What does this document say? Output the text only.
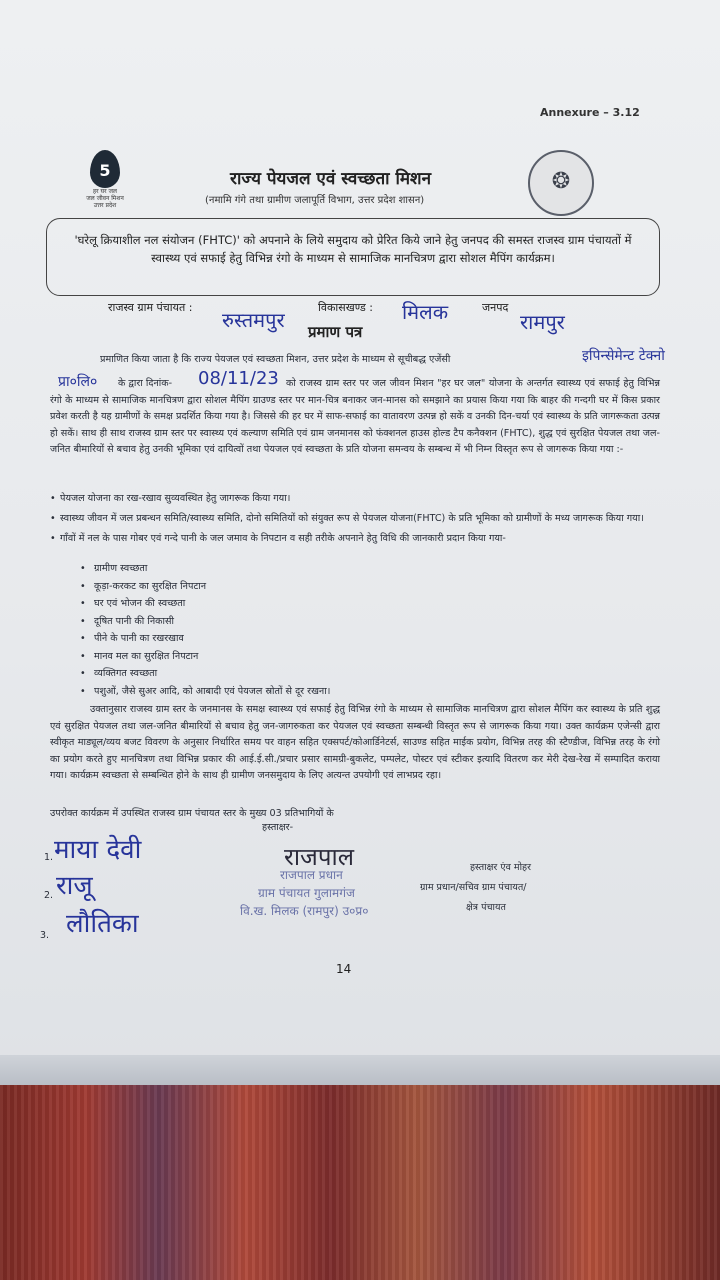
Annexure – 3.12
5
हर घर जल
जल जीवन मिशन
उत्तर प्रदेश
❂
राज्य पेयजल एवं स्वच्छता मिशन
(नमामि गंगे तथा ग्रामीण जलापूर्ति विभाग, उत्तर प्रदेश शासन)

'घरेलू क्रियाशील नल संयोजन (FHTC)' को अपनाने के लिये समुदाय को प्रेरित किये जाने हेतु जनपद की समस्त राजस्व ग्राम पंचायतों में स्वास्थ्य एवं सफाई हेतु विभिन्न रंगो के माध्यम से सामाजिक मानचित्रण द्वारा सोशल मैपिंग कार्यक्रम।

राजस्व ग्राम पंचायत :
रुस्तमपुर
विकासखण्ड : मिलक	जनपद
रामपुर
प्रमाण पत्र
प्रमाणित किया जाता है कि राज्य पेयजल एवं स्वच्छता मिशन, उत्तर प्रदेश के माध्यम से सूचीबद्ध एजेंसी	इपिन्सेमेन्ट टेक्नो
प्रा०लि० के द्वारा दिनांक- 08/11/23 को राजस्व ग्राम स्तर पर जल जीवन मिशन "हर घर जल" योजना के अन्तर्गत स्वास्थ्य एवं सफाई हेतु विभिन्न रंगो के माध्यम से सामाजिक मानचित्रण द्वारा सोशल मैपिंग ग्राउण्ड स्तर पर मान-चित्र बनाकर जन-मानस को समझाने का प्रयास किया गया कि बाहर की गन्दगी घर में किस प्रकार प्रवेश करती है यह ग्रामीणों के समक्ष प्रदर्शित किया गया है। जिससे की हर घर में साफ-सफाई का वातावरण उत्पन्न हो सकें व उनकी दिन-चर्या एवं स्वास्थ्य के प्रति जागरूकता उत्पन्न हो सकें। साथ ही साथ राजस्व ग्राम स्तर पर स्वास्थ्य एवं कल्याण समिति एवं ग्राम जनमानस को फंक्शनल हाउस होल्ड टैप कनैक्शन (FHTC), शुद्ध एवं सुरक्षित पेयजल तथा जल-जनित बीमारियों से बचाव हेतु उनकी भूमिका एवं दायित्वों तथा पेयजल एवं स्वच्छता के प्रति योजना समन्वय के सम्बन्ध में भी निम्न विस्तृत रूप से जागरूक किया गया :-

• पेयजल योजना का रख-रखाव सुव्यवस्थित हेतु जागरूक किया गया।
• स्वास्थ्य जीवन में जल प्रबन्धन समिति/स्वास्थ्य समिति, दोनो समितियों को संयुक्त रूप से पेयजल योजना(FHTC) के प्रति भूमिका को ग्रामीणों के मध्य जागरूक किया गया।
• गाँवों में नल के पास गोबर एवं गन्दे पानी के जल जमाव के निपटान व सही तरीके अपनाने हेतु विधि की जानकारी प्रदान किया गया-
• ग्रामीण स्वच्छता
• कूड़ा-करकट का सुरक्षित निपटान
• घर एवं भोजन की स्वच्छता
• दूषित पानी की निकासी
• पीने के पानी का रखरखाव
• मानव मल का सुरक्षित निपटान
• व्यक्तिगत स्वच्छता
• पशुओं, जैसे सुअर आदि, को आबादी एवं पेयजल स्रोतों से दूर रखना।

उक्तानुसार राजस्व ग्राम स्तर के जनमानस के समक्ष स्वास्थ्य एवं सफाई हेतु विभिन्न रंगो के माध्यम से सामाजिक मानचित्रण द्वारा सोशल मैपिंग कर स्वास्थ्य के प्रति शुद्ध एवं सुरक्षित पेयजल तथा जल-जनित बीमारियों से बचाव हेतु जन-जागरुकता कर पेयजल एवं स्वच्छता सम्बन्धी विस्तृत रूप से जागरूक किया गया। उक्त कार्यक्रम एजेन्सी द्वारा स्वीकृत माड्यूल/व्यय बजट विवरण के अनुसार निर्धारित समय पर वाहन सहित एक्सपर्ट/कोआर्डिनेटर्स, साउण्ड सहित माईक प्रयोग, विभिन्न तरह की स्टैण्डीज, विभिन्न तरह के रंगो का प्रयोग करते हुए मानचित्रण तथा विभिन्न प्रकार की आई.ई.सी./प्रचार प्रसार सामग्री-बुकलेट, पम्पलेट, पोस्टर एवं स्टीकर इत्यादि वितरण कर मेरी देख-रेख में सम्पादित कराया गया। कार्यक्रम स्वच्छता से सम्बन्धित होने के साथ ही ग्रामीण जनसमुदाय के लिए अत्यन्त उपयोगी एवं लाभप्रद रहा।

उपरोक्त कार्यक्रम में उपस्थित राजस्व ग्राम पंचायत स्तर के मुख्य 03 प्रतिभागियों के
हस्ताक्षर-
1. माया देवी
2. राजू
3. लौतिका
राजपाल
राजपाल प्रधान
ग्राम पंचायत गुलामगंज
वि.ख. मिलक (रामपुर) उ०प्र०
हस्ताक्षर एंव मोहर
ग्राम प्रधान/सचिव ग्राम पंचायत/
क्षेत्र पंचायत
14
